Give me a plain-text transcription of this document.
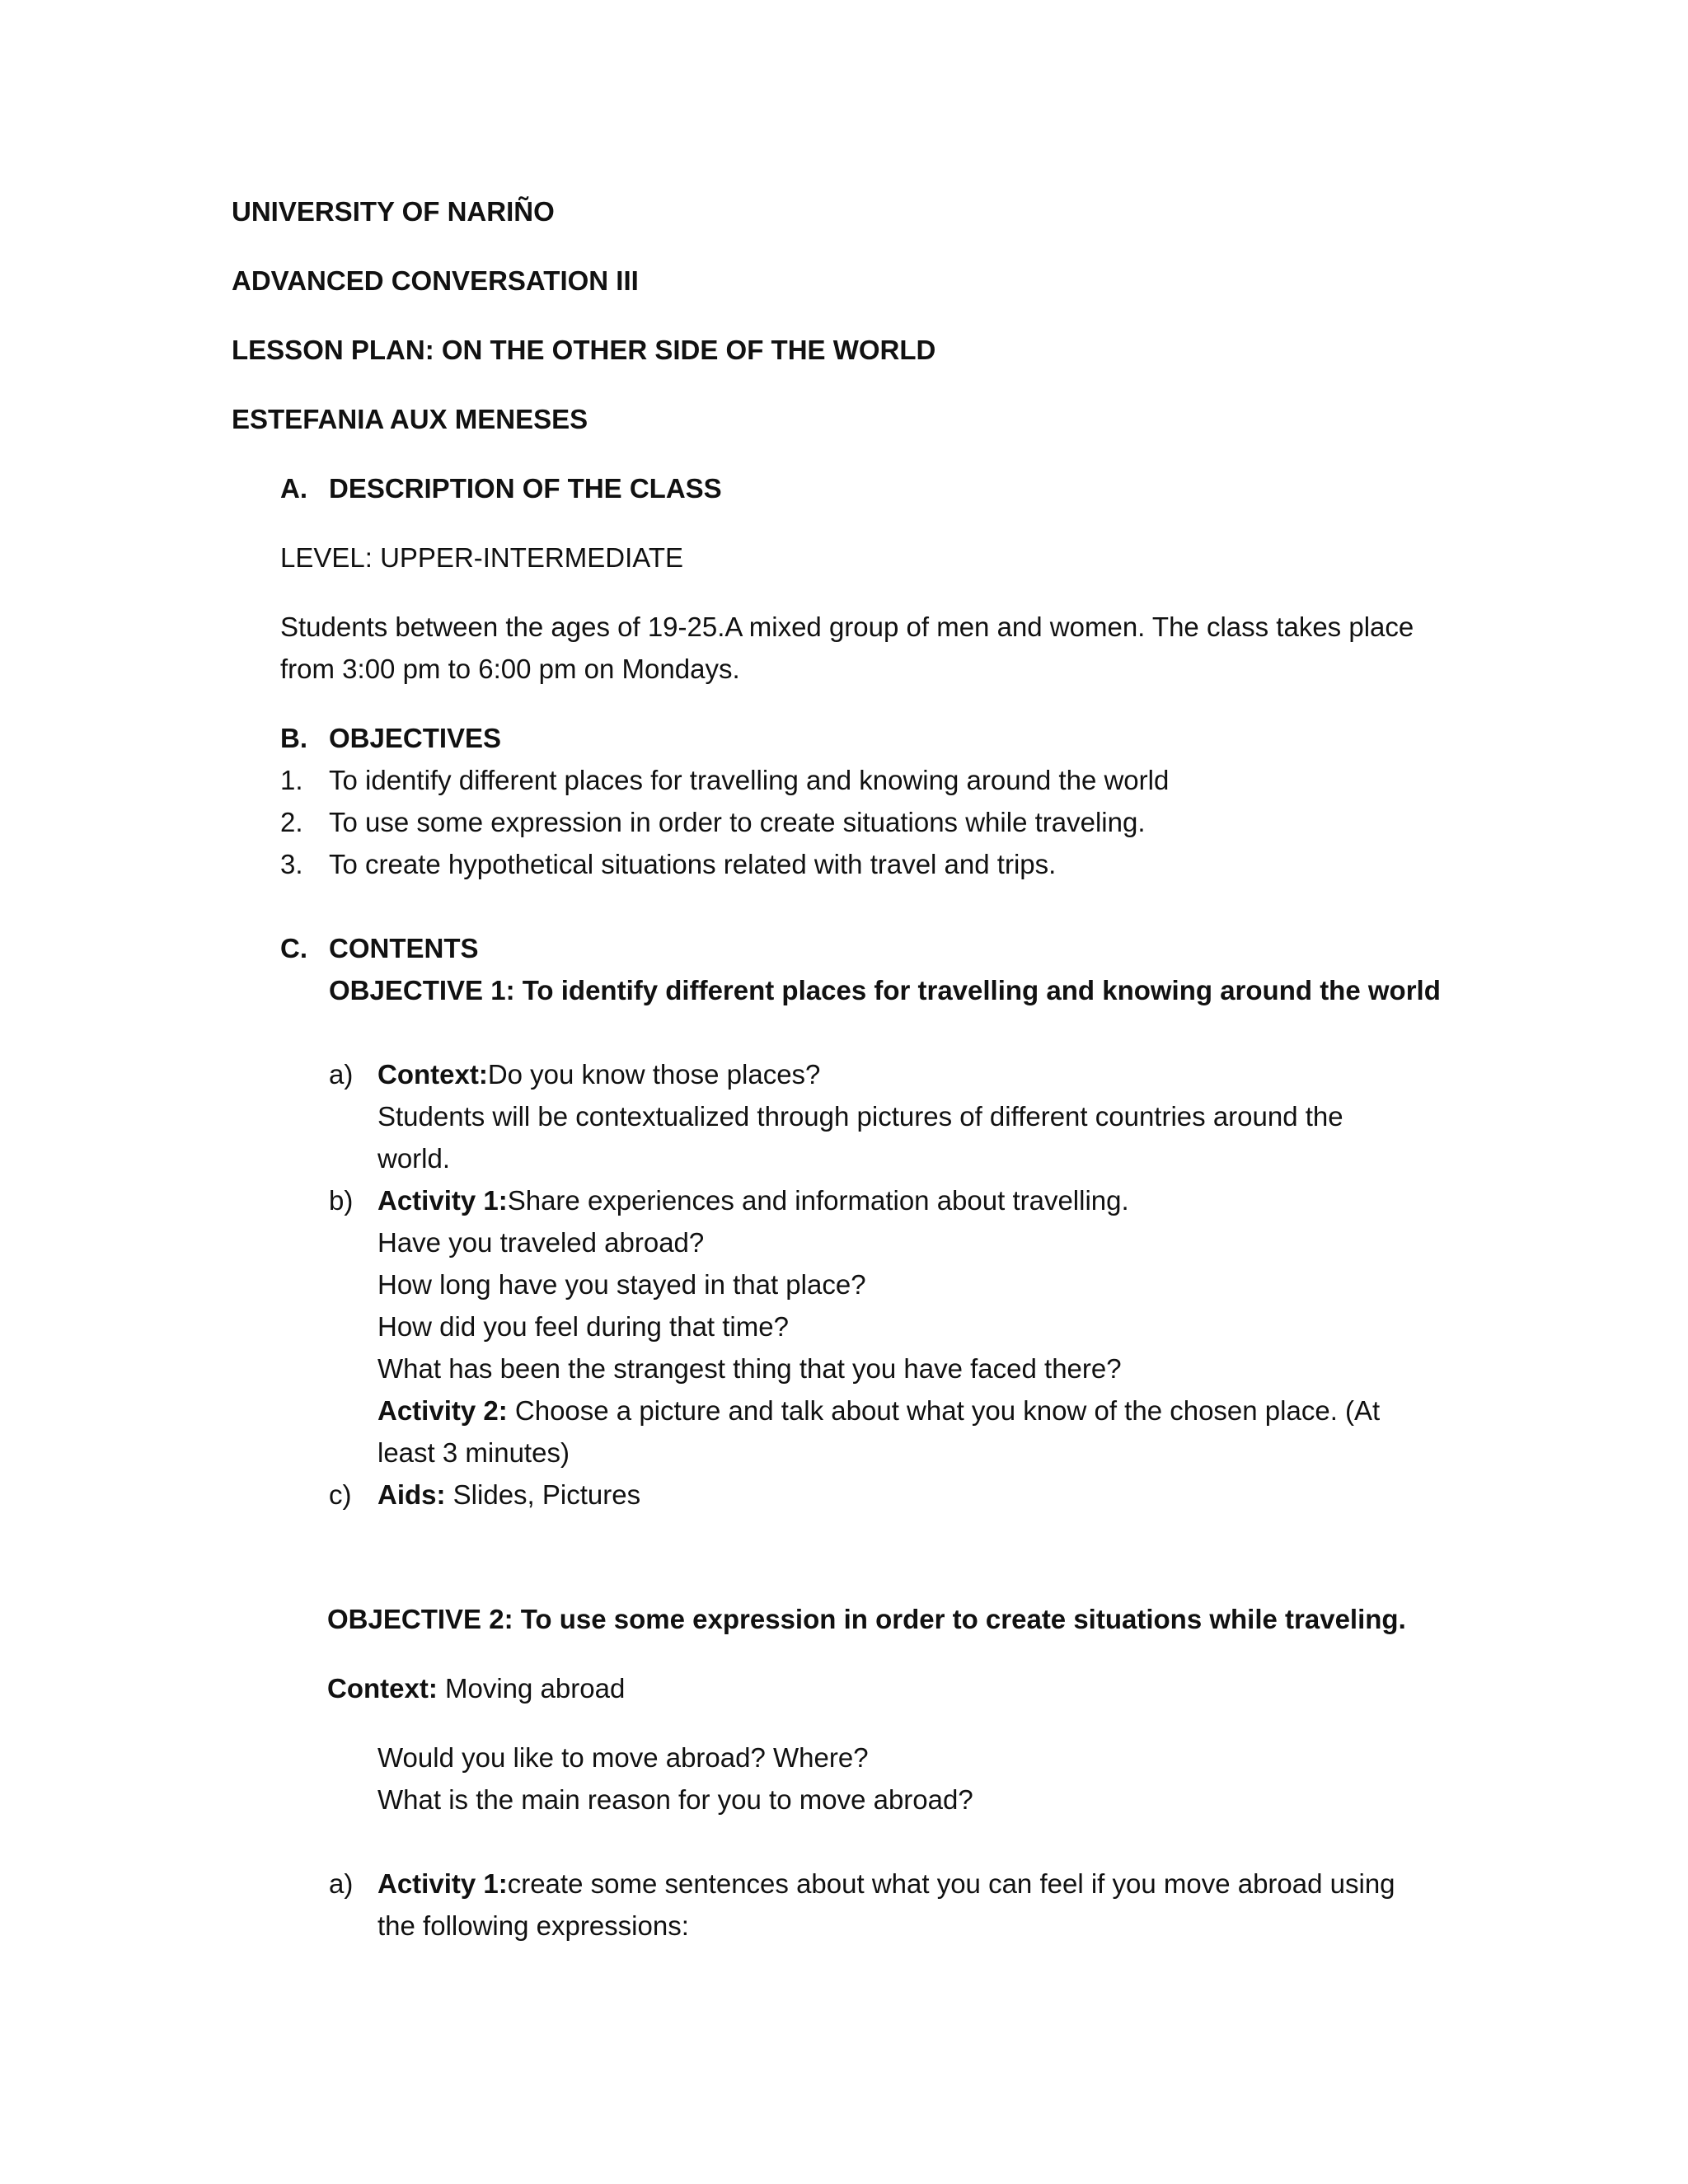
UNIVERSITY OF NARIÑO
ADVANCED CONVERSATION III
LESSON PLAN: ON THE OTHER SIDE OF THE WORLD
ESTEFANIA AUX MENESES
A. DESCRIPTION OF THE CLASS
LEVEL: UPPER-INTERMEDIATE
Students between the ages of 19-25.A mixed group of men and women. The class takes place
from 3:00 pm to 6:00 pm on Mondays.
B. OBJECTIVES
1. To identify different places for travelling and knowing around the world
2. To use some expression in order to create situations while traveling.
3. To create hypothetical situations related with travel and trips.
C. CONTENTS
OBJECTIVE 1: To identify different places for travelling and knowing around the world
a) Context:Do you know those places?
Students will be contextualized through pictures of different countries around the
world.
b) Activity 1:Share experiences and information about travelling.
Have you traveled abroad?
How long have you stayed in that place?
How did you feel during that time?
What has been the strangest thing that you have faced there?
Activity 2: Choose a picture and talk about what you know of the chosen place. (At
least 3 minutes)
c) Aids: Slides, Pictures
OBJECTIVE 2: To use some expression in order to create situations while traveling.
Context: Moving abroad
Would you like to move abroad? Where?
What is the main reason for you to move abroad?
a) Activity 1:create some sentences about what you can feel if you move abroad using
the following expressions:
